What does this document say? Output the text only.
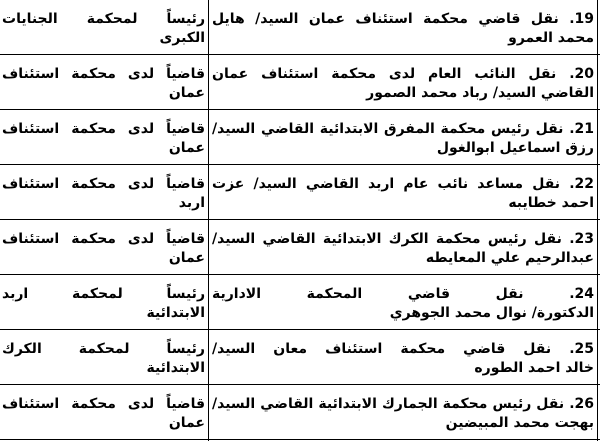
19. نقل قاضي محكمة استئناف عمان السيد/ هايل
محمد العمرو
رئيساً لمحكمة الجنايات
الكبرى
20. نقل النائب العام لدى محكمة استئناف عمان
القاضي السيد/ رباد محمد الصمور
قاضياً لدى محكمة استئناف
عمان
21. نقل رئيس محكمة المفرق الابتدائية القاضي السيد/
رزق اسماعيل ابوالغول
قاضياً لدى محكمة استئناف
عمان
22. نقل مساعد نائب عام اربد القاضي السيد/ عزت
احمد خطايبه
قاضياً لدى محكمة استئناف
اربد
23. نقل رئيس محكمة الكرك الابتدائية القاضي السيد/
عبدالرحيم علي المعايطه
قاضياً لدى محكمة استئناف
عمان
24. نقل قاضي المحكمة الادارية
الدكتورة/ نوال محمد الجوهري
رئيساً لمحكمة اربد
الابتدائية
25. نقل قاضي محكمة استئناف معان السيد/
خالد احمد الطوره
رئيساً لمحكمة الكرك
الابتدائية
26. نقل رئيس محكمة الجمارك الابتدائية القاضي السيد/
بهجت محمد المبيضين
قاضياً لدى محكمة استئناف
عمان
